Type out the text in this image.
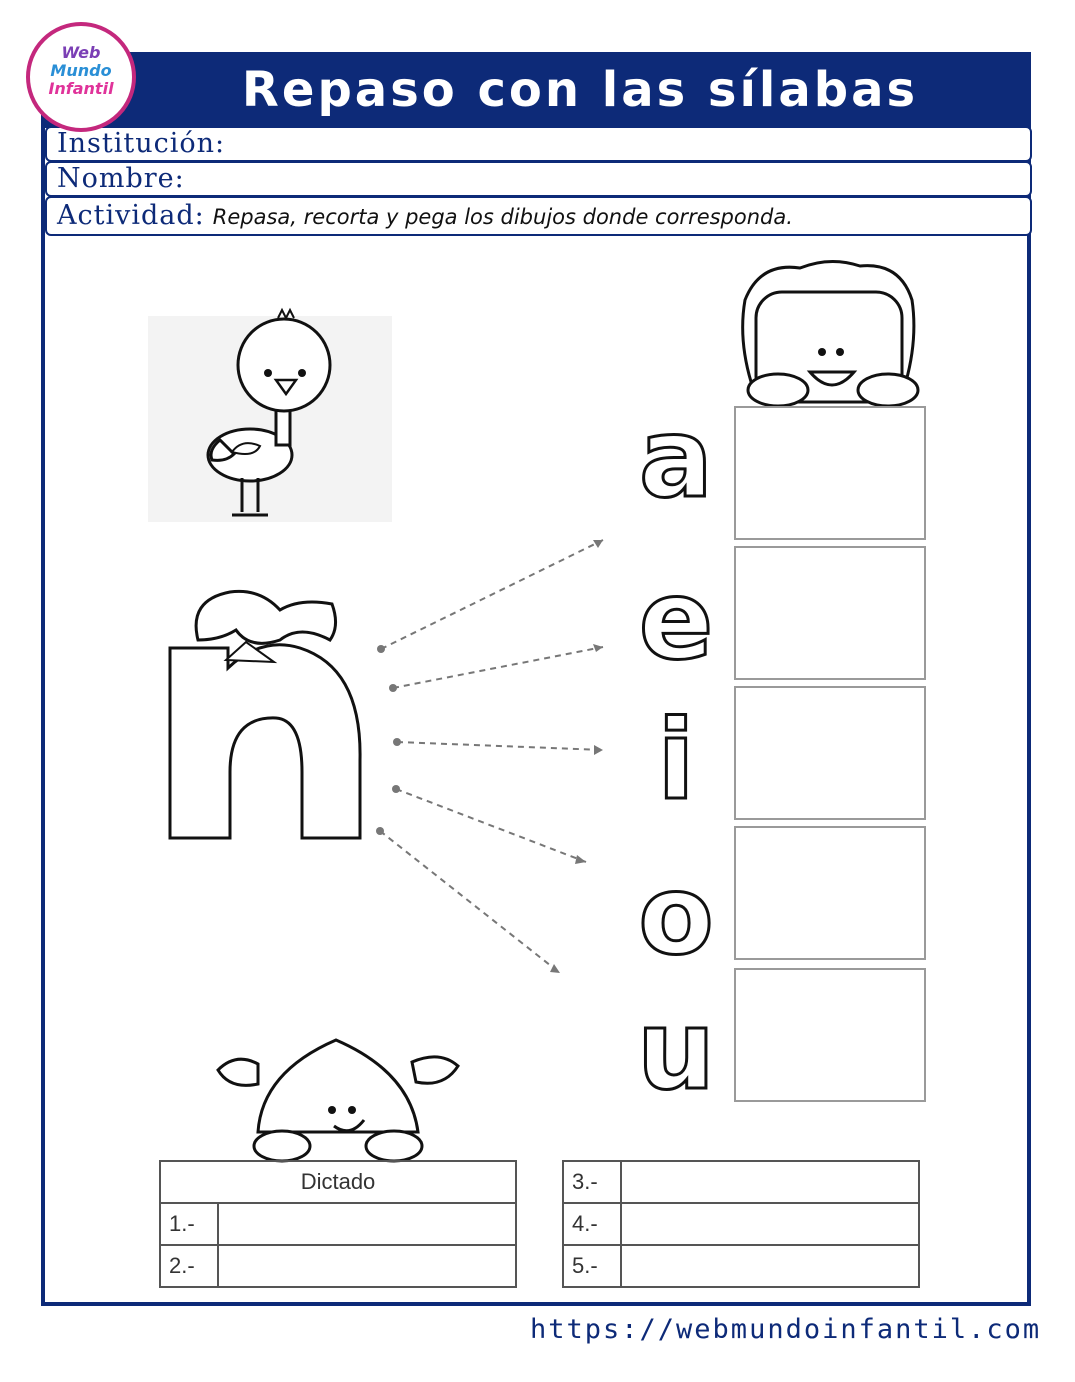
Repaso con las sílabas
Web
Mundo
Infantil
Institución:
Nombre:
Actividad: Repasa, recorta y pega los dibujos donde corresponda.
a
e
i
o
u
Dictado	
1.-	
2.-	
3.-	
4.-	
5.-	
https://webmundoinfantil.com
